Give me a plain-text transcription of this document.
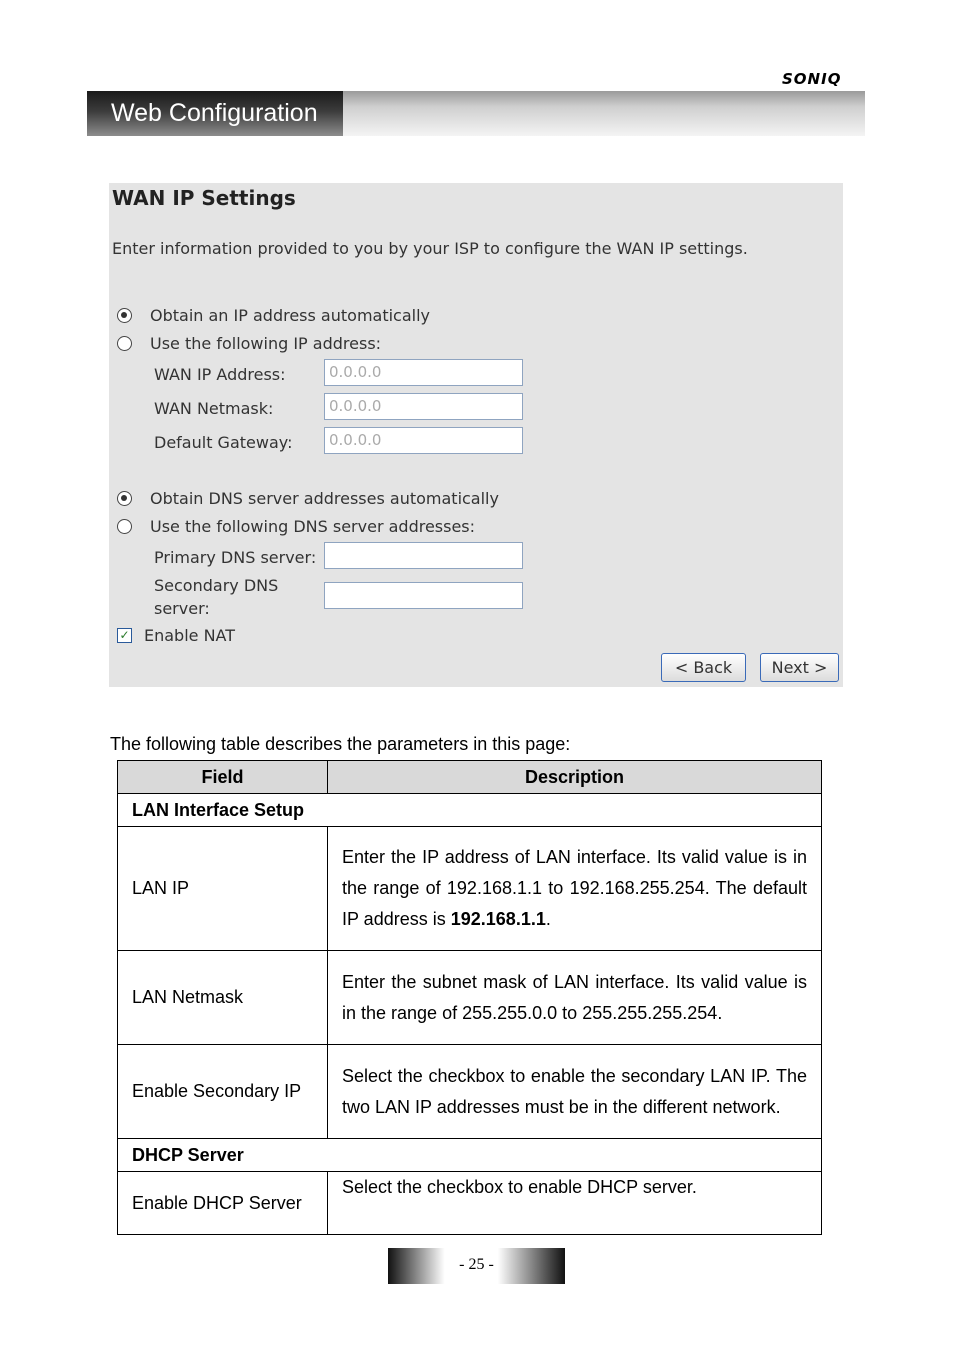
SONIQ
Web Configuration
WAN IP Settings
Enter information provided to you by your ISP to configure the WAN IP settings.
Obtain an IP address automatically
Use the following IP address:
WAN IP Address:	0.0.0.0
WAN Netmask:	0.0.0.0
Default Gateway:	0.0.0.0
Obtain DNS server addresses automatically
Use the following DNS server addresses:
Primary DNS server:
Secondary DNS
server:
✓ Enable NAT
< Back	Next >
The following table describes the parameters in this page:
Field	Description
LAN Interface Setup	
LAN IP	Enter the IP address of LAN interface. Its valid value is in the range of 192.168.1.1 to 192.168.255.254. The default IP address is 192.168.1.1.
LAN Netmask	Enter the subnet mask of LAN interface. Its valid value is in the range of 255.255.0.0 to 255.255.255.254.
Enable Secondary IP	Select the checkbox to enable the secondary LAN IP. The two LAN IP addresses must be in the different network.
DHCP Server	
Enable DHCP Server	Select the checkbox to enable DHCP server.
- 25 -
